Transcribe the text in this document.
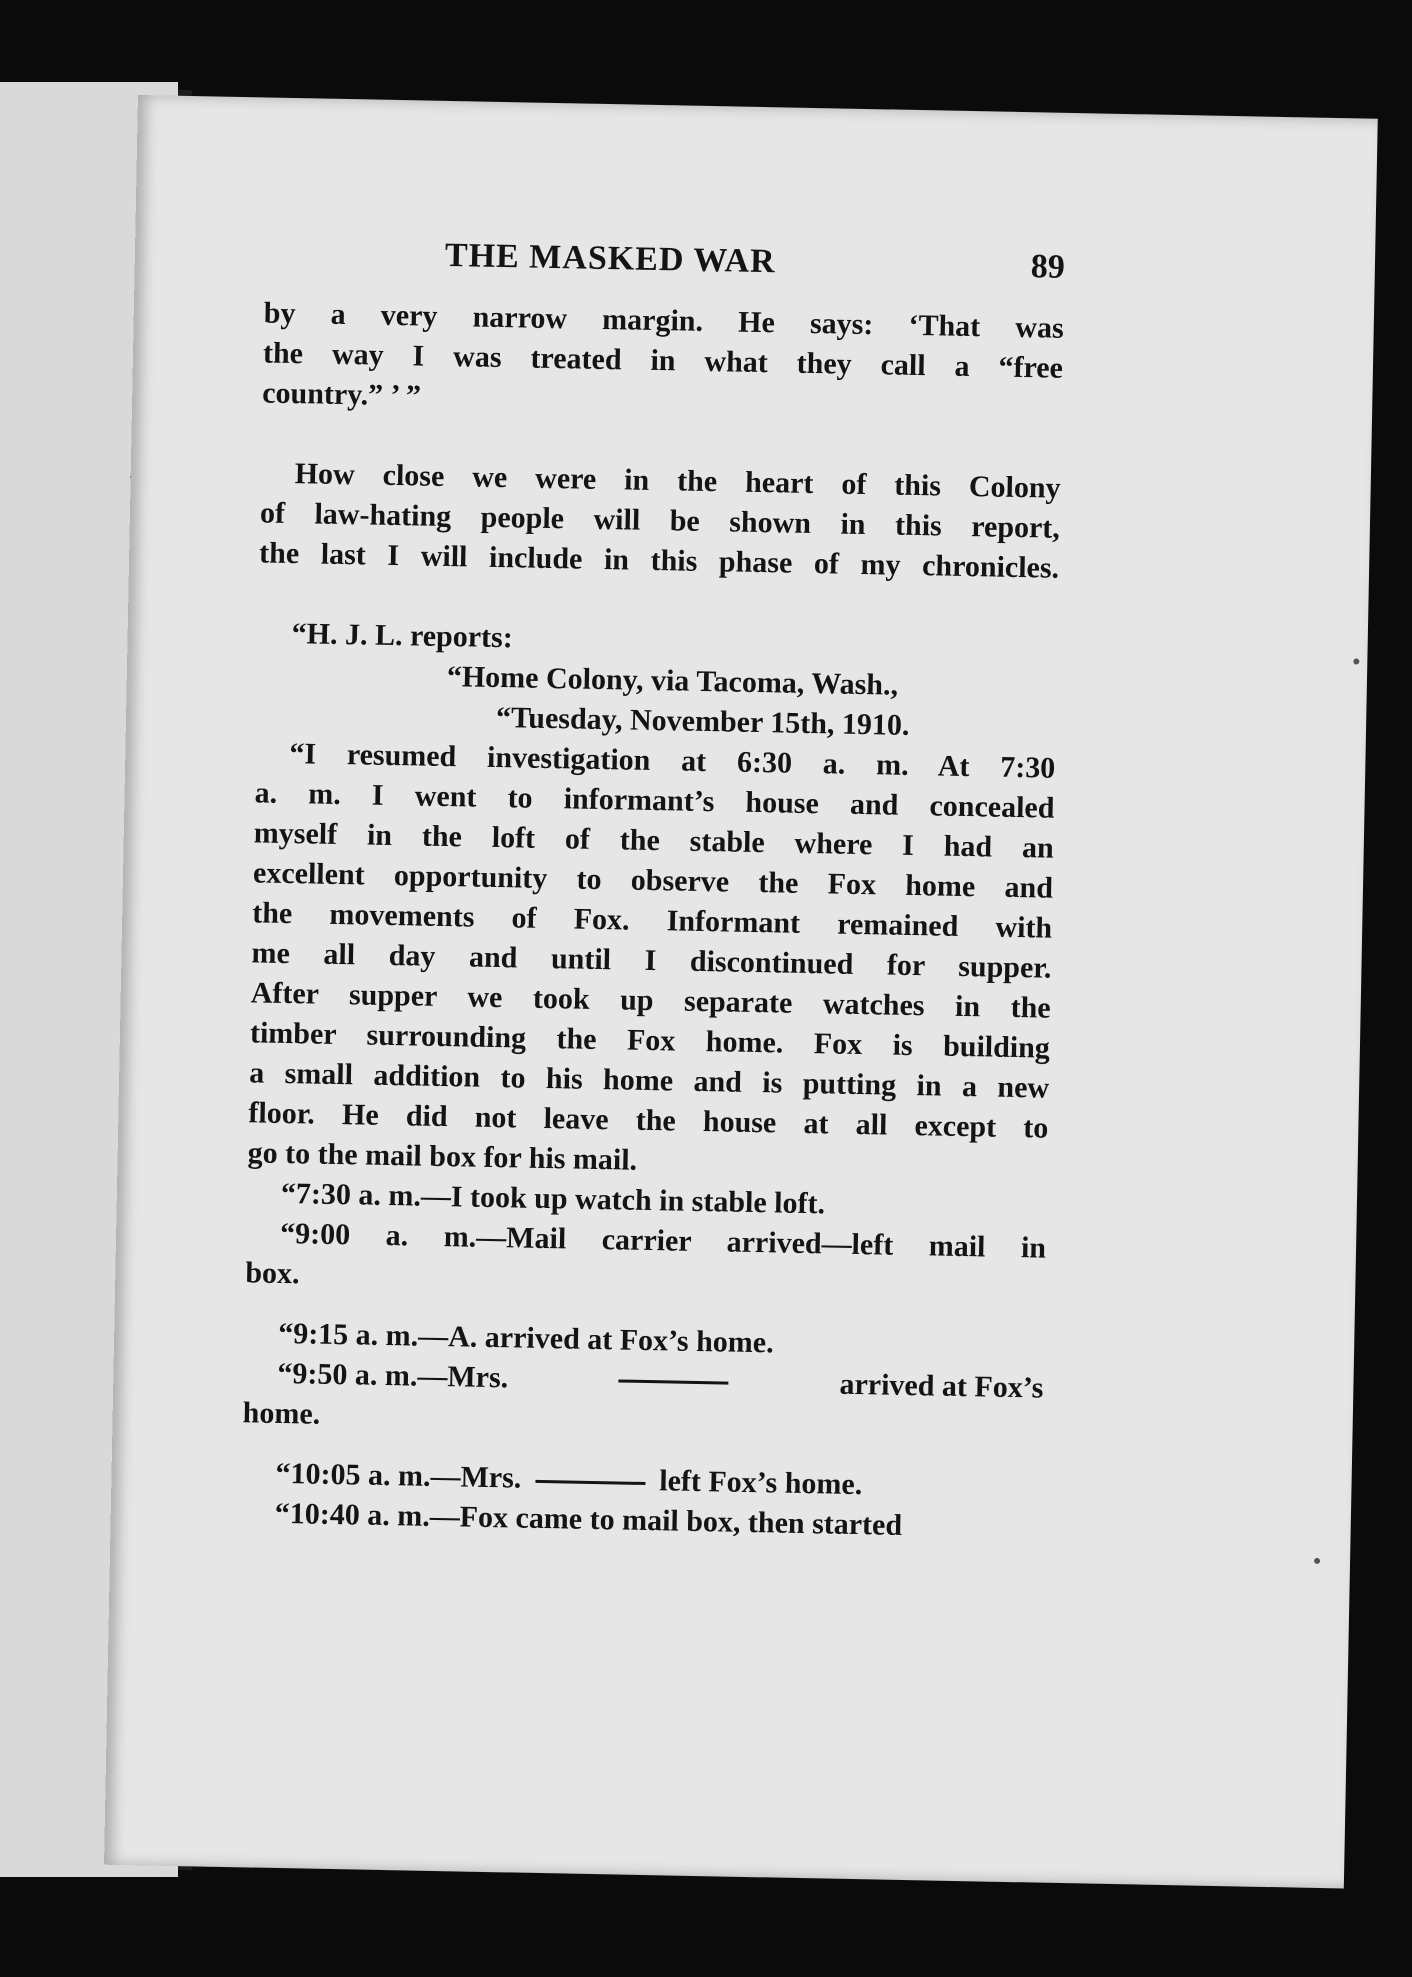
THE MASKED WAR	89
by a very narrow margin. He says: ‘That was
the way I was treated in what they call a “free
country.” ’ ”
How close we were in the heart of this Colony
of law-hating people will be shown in this report,
the last I will include in this phase of my chronicles.
“H. J. L. reports:
“Home Colony, via Tacoma, Wash.,
“Tuesday, November 15th, 1910.
“I resumed investigation at 6:30 a. m. At 7:30
a. m. I went to informant’s house and concealed
myself in the loft of the stable where I had an
excellent opportunity to observe the Fox home and
the movements of Fox. Informant remained with
me all day and until I discontinued for supper.
After supper we took up separate watches in the
timber surrounding the Fox home. Fox is building
a small addition to his home and is putting in a new
floor. He did not leave the house at all except to
go to the mail box for his mail.
“7:30 a. m.—I took up watch in stable loft.
“9:00 a. m.—Mail carrier arrived—left mail in
box.
“9:15 a. m.—A. arrived at Fox’s home.
“9:50 a. m.—Mrs.	arrived at Fox’s
home.
“10:05 a. m.—Mrs.	left Fox’s home.
“10:40 a. m.—Fox came to mail box, then started
